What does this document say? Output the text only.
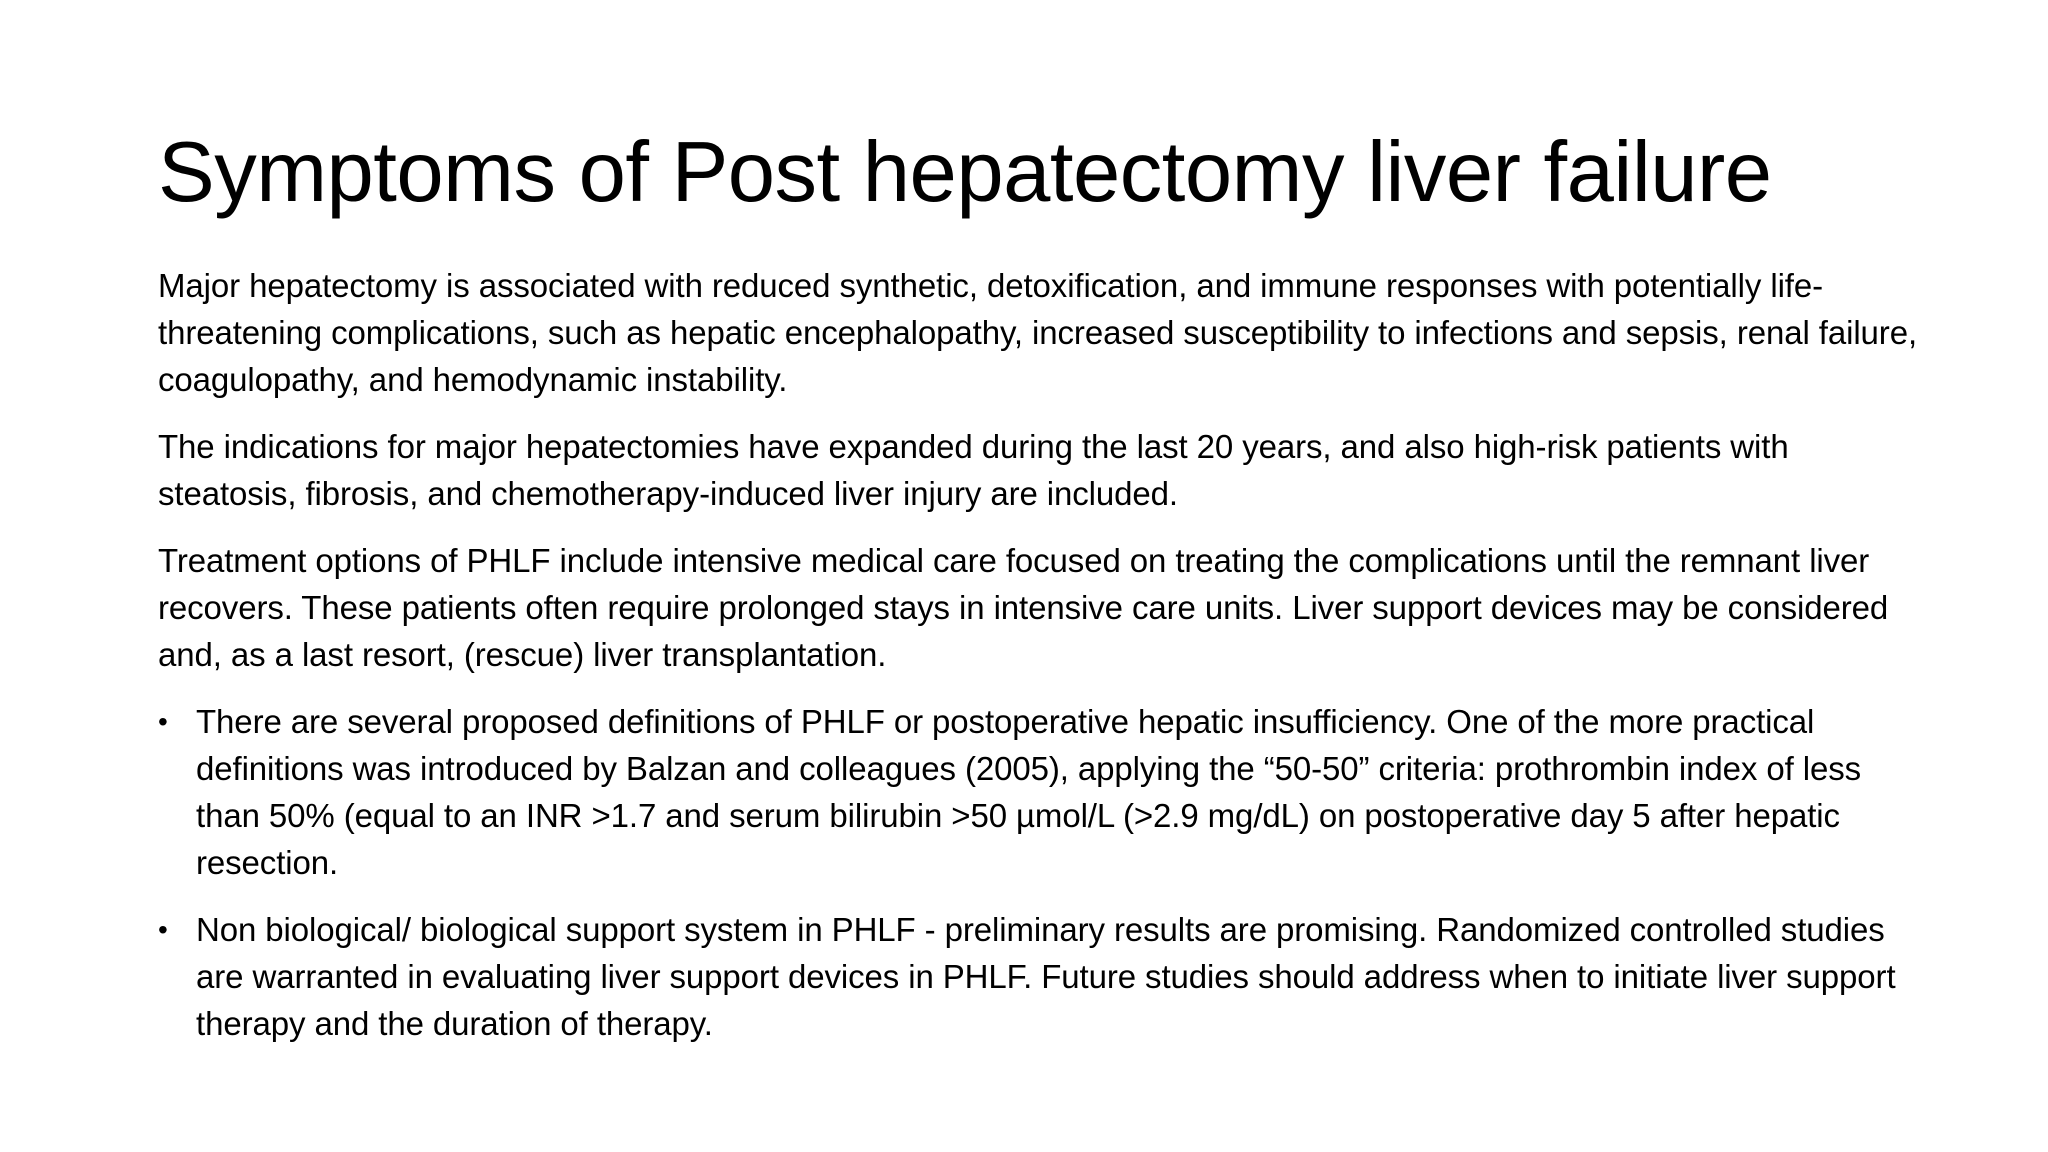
Symptoms of Post hepatectomy liver failure

Major hepatectomy is associated with reduced synthetic, detoxification, and immune responses with potentially life-threatening complications, such as hepatic encephalopathy, increased susceptibility to infections and sepsis, renal failure, coagulopathy, and hemodynamic instability.

The indications for major hepatectomies have expanded during the last 20 years, and also high-risk patients with steatosis, fibrosis, and chemotherapy-induced liver injury are included.

Treatment options of PHLF include intensive medical care focused on treating the complications until the remnant liver recovers. These patients often require prolonged stays in intensive care units. Liver support devices may be considered and, as a last resort, (rescue) liver transplantation.

• There are several proposed definitions of PHLF or postoperative hepatic insufficiency. One of the more practical definitions was introduced by Balzan and colleagues (2005), applying the “50-50” criteria: prothrombin index of less than 50% (equal to an INR >1.7 and serum bilirubin >50 µmol/L (>2.9 mg/dL) on postoperative day 5 after hepatic resection.
• Non biological/ biological support system in PHLF - preliminary results are promising. Randomized controlled studies are warranted in evaluating liver support devices in PHLF. Future studies should address when to initiate liver support therapy and the duration of therapy.
